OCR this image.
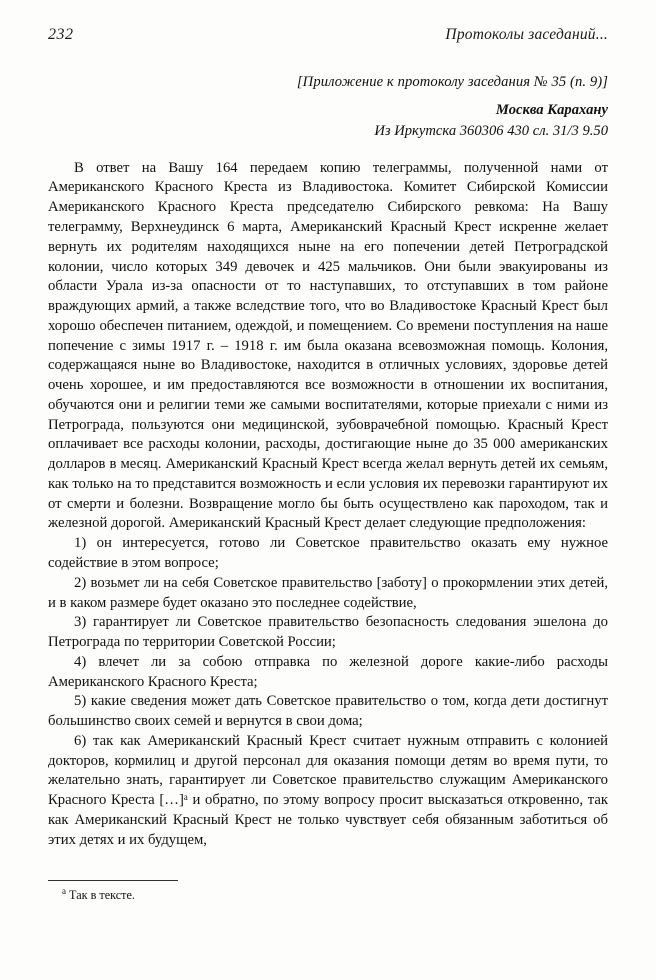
232	Протоколы заседаний...
[Приложение к протоколу заседания № 35 (п. 9)]
Москва Карахану
Из Иркутска 360306 430 сл. 31/3 9.50

В ответ на Вашу 164 передаем копию телеграммы, полученной нами от Американского Красного Креста из Владивостока. Комитет Сибирской Комиссии Американского Красного Креста председателю Сибирского ревкома: На Вашу телеграмму, Верхнеудинск 6 марта, Американский Красный Крест искренне желает вернуть их родителям находящихся ныне на его попечении детей Петроградской колонии, число которых 349 девочек и 425 мальчиков. Они были эвакуированы из области Урала из-за опасности от то наступавших, то отступавших в том районе враждующих армий, а также вследствие того, что во Владивостоке Красный Крест был хорошо обеспечен питанием, одеждой, и помещением. Со времени поступления на наше попечение с зимы 1917 г. – 1918 г. им была оказана всевозможная помощь. Колония, содержащаяся ныне во Владивостоке, находится в отличных условиях, здоровье детей очень хорошее, и им предоставляются все возможности в отношении их воспитания, обучаются они и религии теми же самыми воспитателями, которые приехали с ними из Петрограда, пользуются они медицинской, зубоврачебной помощью. Красный Крест оплачивает все расходы колонии, расходы, достигающие ныне до 35 000 американских долларов в месяц. Американский Красный Крест всегда желал вернуть детей их семьям, как только на то представится возможность и если условия их перевозки гарантируют их от смерти и болезни. Возвращение могло бы быть осуществлено как пароходом, так и железной дорогой. Американский Красный Крест делает следующие предположения:

1) он интересуется, готово ли Советское правительство оказать ему нужное содействие в этом вопросе;

2) возьмет ли на себя Советское правительство [заботу] о прокормлении этих детей, и в каком размере будет оказано это последнее содействие,

3) гарантирует ли Советское правительство безопасность следования эшелона до Петрограда по территории Советской России;

4) влечет ли за собою отправка по железной дороге какие-либо расходы Американского Красного Креста;

5) какие сведения может дать Советское правительство о том, когда дети достигнут большинство своих семей и вернутся в свои дома;

6) так как Американский Красный Крест считает нужным отправить с колонией докторов, кормилиц и другой персонал для оказания помощи детям во время пути, то желательно знать, гарантирует ли Советское правительство служащим Американского Красного Креста […]ᵃ и обратно, по этому вопросу просит высказаться откровенно, так как Американский Красный Крест не только чувствует себя обязанным заботиться об этих детях и их будущем,

$^а$ Так в тексте.
